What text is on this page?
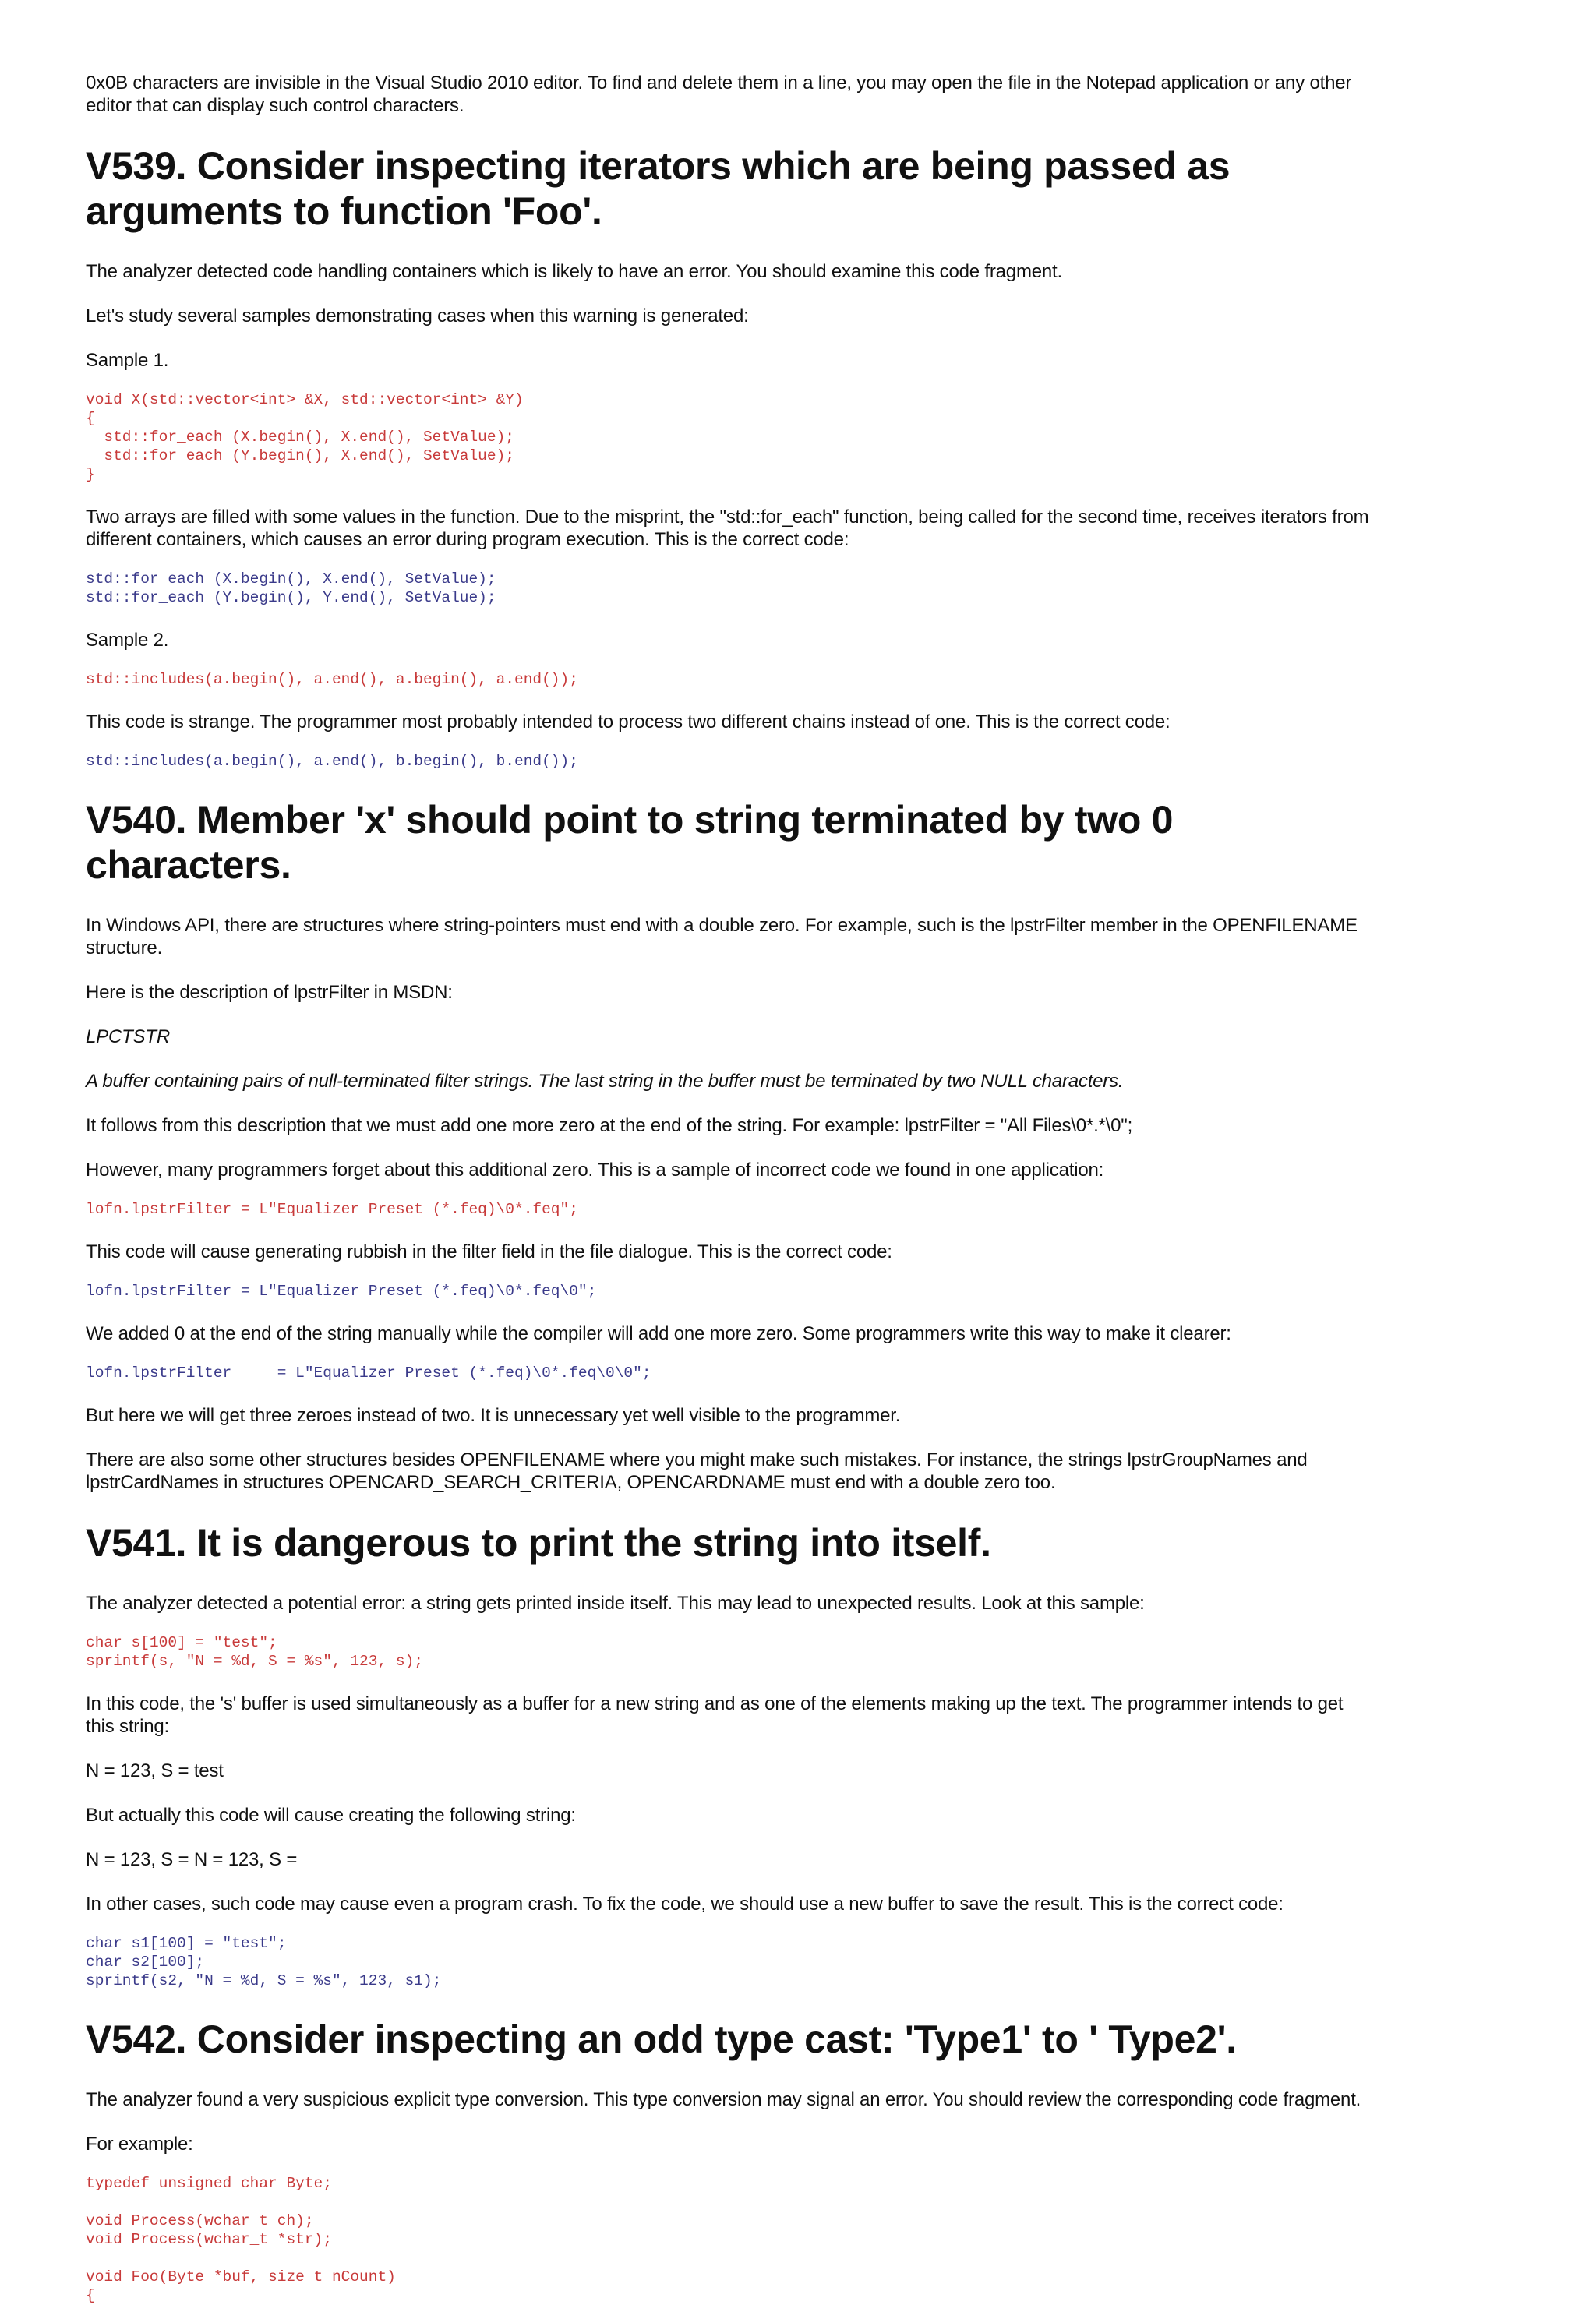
0x0B characters are invisible in the Visual Studio 2010 editor. To find and delete them in a line, you may open the file in the Notepad application or any other editor that can display such control characters.

V539. Consider inspecting iterators which are being passed as arguments to function 'Foo'.

The analyzer detected code handling containers which is likely to have an error. You should examine this code fragment.

Let's study several samples demonstrating cases when this warning is generated:

Sample 1.

void X(std::vector<int> &X, std::vector<int> &Y)
{
std::for_each (X.begin(), X.end(), SetValue);
std::for_each (Y.begin(), X.end(), SetValue);
}

Two arrays are filled with some values in the function. Due to the misprint, the "std::for_each" function, being called for the second time, receives iterators from different containers, which causes an error during program execution. This is the correct code:

std::for_each (X.begin(), X.end(), SetValue);
std::for_each (Y.begin(), Y.end(), SetValue);

Sample 2.

std::includes(a.begin(), a.end(), a.begin(), a.end());

This code is strange. The programmer most probably intended to process two different chains instead of one. This is the correct code:

std::includes(a.begin(), a.end(), b.begin(), b.end());
V540. Member 'x' should point to string terminated by two 0 characters.

In Windows API, there are structures where string-pointers must end with a double zero. For example, such is the lpstrFilter member in the OPENFILENAME structure.

Here is the description of lpstrFilter in MSDN:

LPCTSTR

A buffer containing pairs of null-terminated filter strings. The last string in the buffer must be terminated by two NULL characters.

It follows from this description that we must add one more zero at the end of the string. For example: lpstrFilter = "All Files\0*.*\0";

However, many programmers forget about this additional zero. This is a sample of incorrect code we found in one application:

lofn.lpstrFilter = L"Equalizer Preset (*.feq)\0*.feq";

This code will cause generating rubbish in the filter field in the file dialogue. This is the correct code:

lofn.lpstrFilter = L"Equalizer Preset (*.feq)\0*.feq\0";

We added 0 at the end of the string manually while the compiler will add one more zero. Some programmers write this way to make it clearer:

lofn.lpstrFilter     = L"Equalizer Preset (*.feq)\0*.feq\0\0";

But here we will get three zeroes instead of two. It is unnecessary yet well visible to the programmer.

There are also some other structures besides OPENFILENAME where you might make such mistakes. For instance, the strings lpstrGroupNames and lpstrCardNames in structures OPENCARD_SEARCH_CRITERIA, OPENCARDNAME must end with a double zero too.

V541. It is dangerous to print the string into itself.

The analyzer detected a potential error: a string gets printed inside itself. This may lead to unexpected results. Look at this sample:

char s[100] = "test";
sprintf(s, "N = %d, S = %s", 123, s);

In this code, the 's' buffer is used simultaneously as a buffer for a new string and as one of the elements making up the text. The programmer intends to get this string:

N = 123, S = test

But actually this code will cause creating the following string:

N = 123, S = N = 123, S =

In other cases, such code may cause even a program crash. To fix the code, we should use a new buffer to save the result. This is the correct code:

char s1[100] = "test";
char s2[100];
sprintf(s2, "N = %d, S = %s", 123, s1);
V542. Consider inspecting an odd type cast: 'Type1' to ' Type2'.

The analyzer found a very suspicious explicit type conversion. This type conversion may signal an error. You should review the corresponding code fragment.

For example:

typedef unsigned char Byte;

void Process(wchar_t ch);
void Process(wchar_t *str);

void Foo(Byte *buf, size_t nCount)
{
